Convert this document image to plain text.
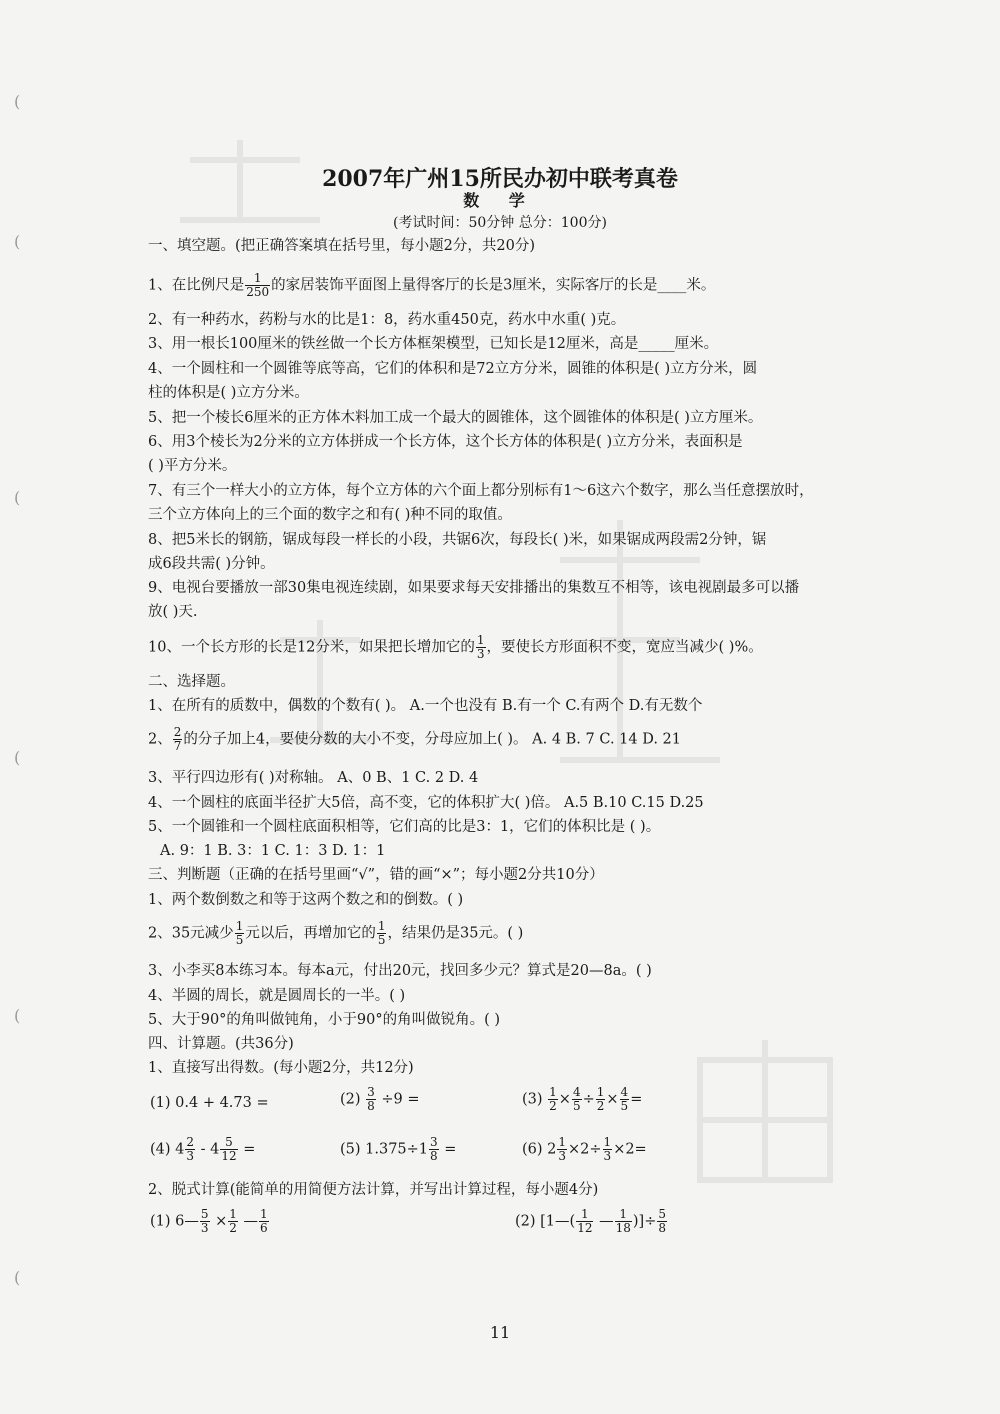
(
(
(
(
(
(
2007年广州15所民办初中联考真卷
数 学
(考试时间：50分钟 总分：100分)
一、填空题。(把正确答案填在括号里，每小题2分，共20分)
1、在比例尺是 $\frac{1}{250}$ 的家居装饰平面图上量得客厅的长是3厘米，实际客厅的长是____米。
2、有一种药水，药粉与水的比是1：8，药水重450克，药水中水重( )克。
3、用一根长100厘米的铁丝做一个长方体框架模型，已知长是12厘米，高是_____厘米。
4、一个圆柱和一个圆锥等底等高，它们的体积和是72立方分米，圆锥的体积是( )立方分米，圆
柱的体积是( )立方分米。
5、把一个棱长6厘米的正方体木料加工成一个最大的圆锥体，这个圆锥体的体积是( )立方厘米。
6、用3个棱长为2分米的立方体拼成一个长方体，这个长方体的体积是( )立方分米，表面积是
( )平方分米。
7、有三个一样大小的立方体，每个立方体的六个面上都分别标有1～6这六个数字，那么当任意摆放时，
三个立方体向上的三个面的数字之和有( )种不同的取值。
8、把5米长的钢筋，锯成每段一样长的小段，共锯6次，每段长( )米，如果锯成两段需2分钟，锯
成6段共需( )分钟。
9、电视台要播放一部30集电视连续剧，如果要求每天安排播出的集数互不相等，该电视剧最多可以播
放( )天.
10、一个长方形的长是12分米，如果把长增加它的 $\frac{1}{3}$ ，要使长方形面积不变，宽应当减少( )%。
二、选择题。
1、在所有的质数中，偶数的个数有( )。 A.一个也没有 B.有一个 C.有两个 D.有无数个
2、 $\frac{2}{7}$ 的分子加上4，要使分数的大小不变，分母应加上( )。 A. 4 B. 7 C. 14 D. 21
3、平行四边形有( )对称轴。 A、0 B、1 C. 2 D. 4
4、一个圆柱的底面半径扩大5倍，高不变，它的体积扩大( )倍。 A.5 B.10 C.15 D.25
5、一个圆锥和一个圆柱底面积相等，它们高的比是3：1，它们的体积比是 ( )。
A. 9：1 B. 3：1 C. 1：3 D. 1：1
三、判断题（正确的在括号里画“√”，错的画“×”；每小题2分共10分）
1、两个数倒数之和等于这两个数之和的倒数。( )
2、35元减少 $\frac{1}{5}$ 元以后，再增加它的 $\frac{1}{5}$ ，结果仍是35元。( )
3、小李买8本练习本。每本a元，付出20元，找回多少元？算式是20—8a。( )
4、半圆的周长，就是圆周长的一半。( )
5、大于90°的角叫做钝角，小于90°的角叫做锐角。( )
四、计算题。(共36分)
1、直接写出得数。(每小题2分，共12分)
(1) 0.4 + 4.73 =	$(2) \frac{3}{8} \div 9$ =	$(3) \frac{1}{2} \times \frac{4}{5} \div \frac{1}{2} \times \frac{4}{5}$ =
(4) $4 \frac{2}{3} - 4 \frac{5}{12}$ =	(5) $1.375\div 1 \frac{3}{8}$ =	(6) $2 \frac{1}{3} \times 2\div \frac{1}{3} \times 2=$
2、脱式计算(能简单的用简便方法计算，并写出计算过程，每小题4分)
(1) 6— $\frac{5}{3} \times \frac{1}{2}$ — $\frac{1}{6}$	(2) [1—( $\frac{1}{12}$ — $\frac{1}{18}$ )]÷ $\frac{5}{8}$
11
